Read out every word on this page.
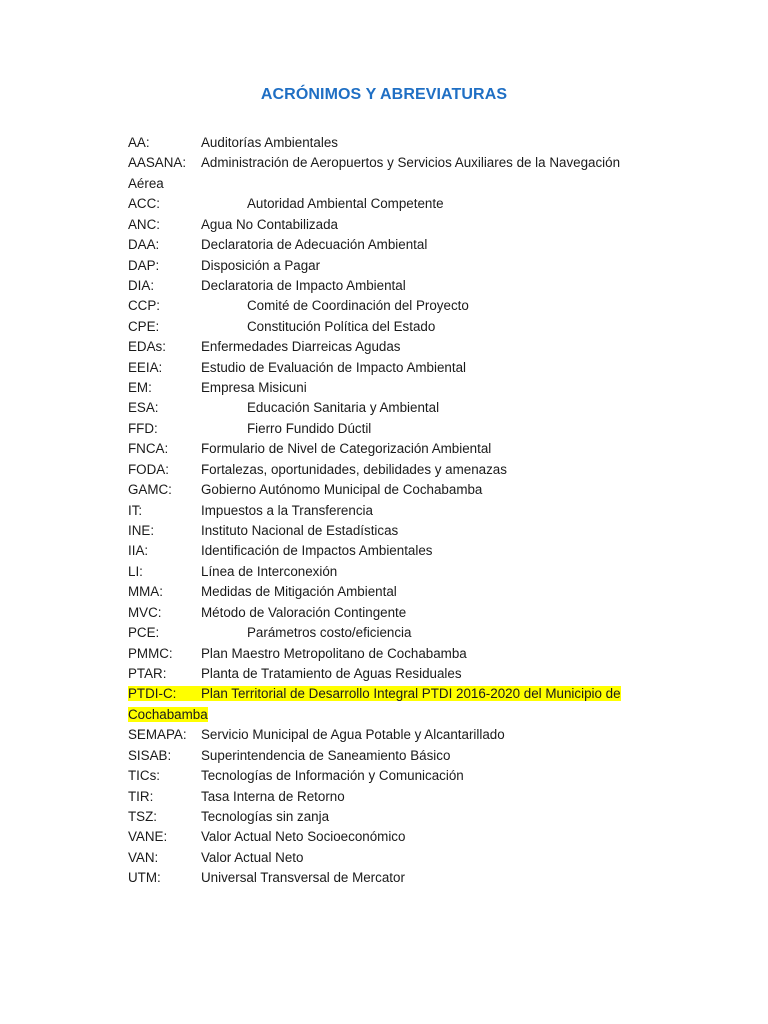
ACRÓNIMOS Y ABREVIATURAS
AA:	Auditorías Ambientales
AASANA: Administración de Aeropuertos y Servicios Auxiliares de la Navegación Aérea
ACC:	Autoridad Ambiental Competente
ANC:	Agua No Contabilizada
DAA:	Declaratoria de Adecuación Ambiental
DAP:	Disposición a Pagar
DIA:	Declaratoria de Impacto Ambiental
CCP:	Comité de Coordinación del Proyecto
CPE:	Constitución Política del Estado
EDAs:	Enfermedades Diarreicas Agudas
EEIA:	Estudio de Evaluación de Impacto Ambiental
EM:	Empresa Misicuni
ESA:	Educación Sanitaria y Ambiental
FFD:	Fierro Fundido Dúctil
FNCA: Formulario de Nivel de Categorización Ambiental
FODA: Fortalezas, oportunidades, debilidades y amenazas
GAMC: Gobierno Autónomo Municipal de Cochabamba
IT:	Impuestos a la Transferencia
INE:	Instituto Nacional de Estadísticas
IIA:	Identificación de Impactos Ambientales
LI:	Línea de Interconexión
MMA:	Medidas de Mitigación Ambiental
MVC:	Método de Valoración Contingente
PCE:	Parámetros costo/eficiencia
PMMC: Plan Maestro Metropolitano de Cochabamba
PTAR:	Planta de Tratamiento de Aguas Residuales
PTDI-C: Plan Territorial de Desarrollo Integral PTDI 2016-2020 del Municipio de Cochabamba
SEMAPA: Servicio Municipal de Agua Potable y Alcantarillado
SISAB: Superintendencia de Saneamiento Básico
TICs:	Tecnologías de Información y Comunicación
TIR:	Tasa Interna de Retorno
TSZ:	Tecnologías sin zanja
VANE:	Valor Actual Neto Socioeconómico
VAN:	Valor Actual Neto
UTM:	Universal Transversal de Mercator
